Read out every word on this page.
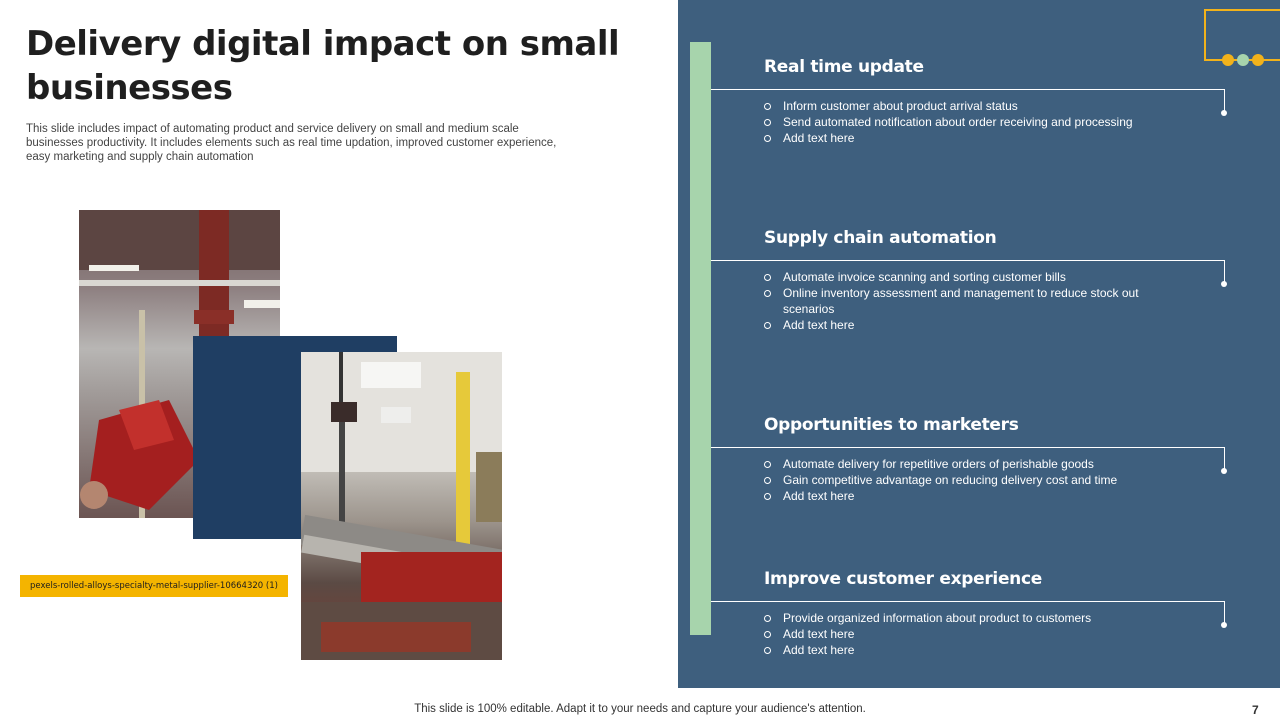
Delivery digital impact on small businesses

This slide includes impact of automating product and service delivery on small and medium scale businesses productivity. It includes elements such as real time updation, improved customer experience, easy marketing and supply chain automation

pexels-rolled-alloys-specialty-metal-supplier-10664320 (1)
Real time update
Inform customer about product arrival status
Send automated notification about order receiving and processing
Add text here
Supply chain automation
Automate invoice scanning and sorting customer bills
Online inventory assessment and management to reduce stock out scenarios
Add text here
Opportunities to marketers
Automate delivery for repetitive orders of perishable goods
Gain competitive advantage on reducing delivery cost and time
Add text here
Improve customer experience
Provide organized information about product to customers
Add text here
Add text here
This slide is 100% editable. Adapt it to your needs and capture your audience's attention.	7
